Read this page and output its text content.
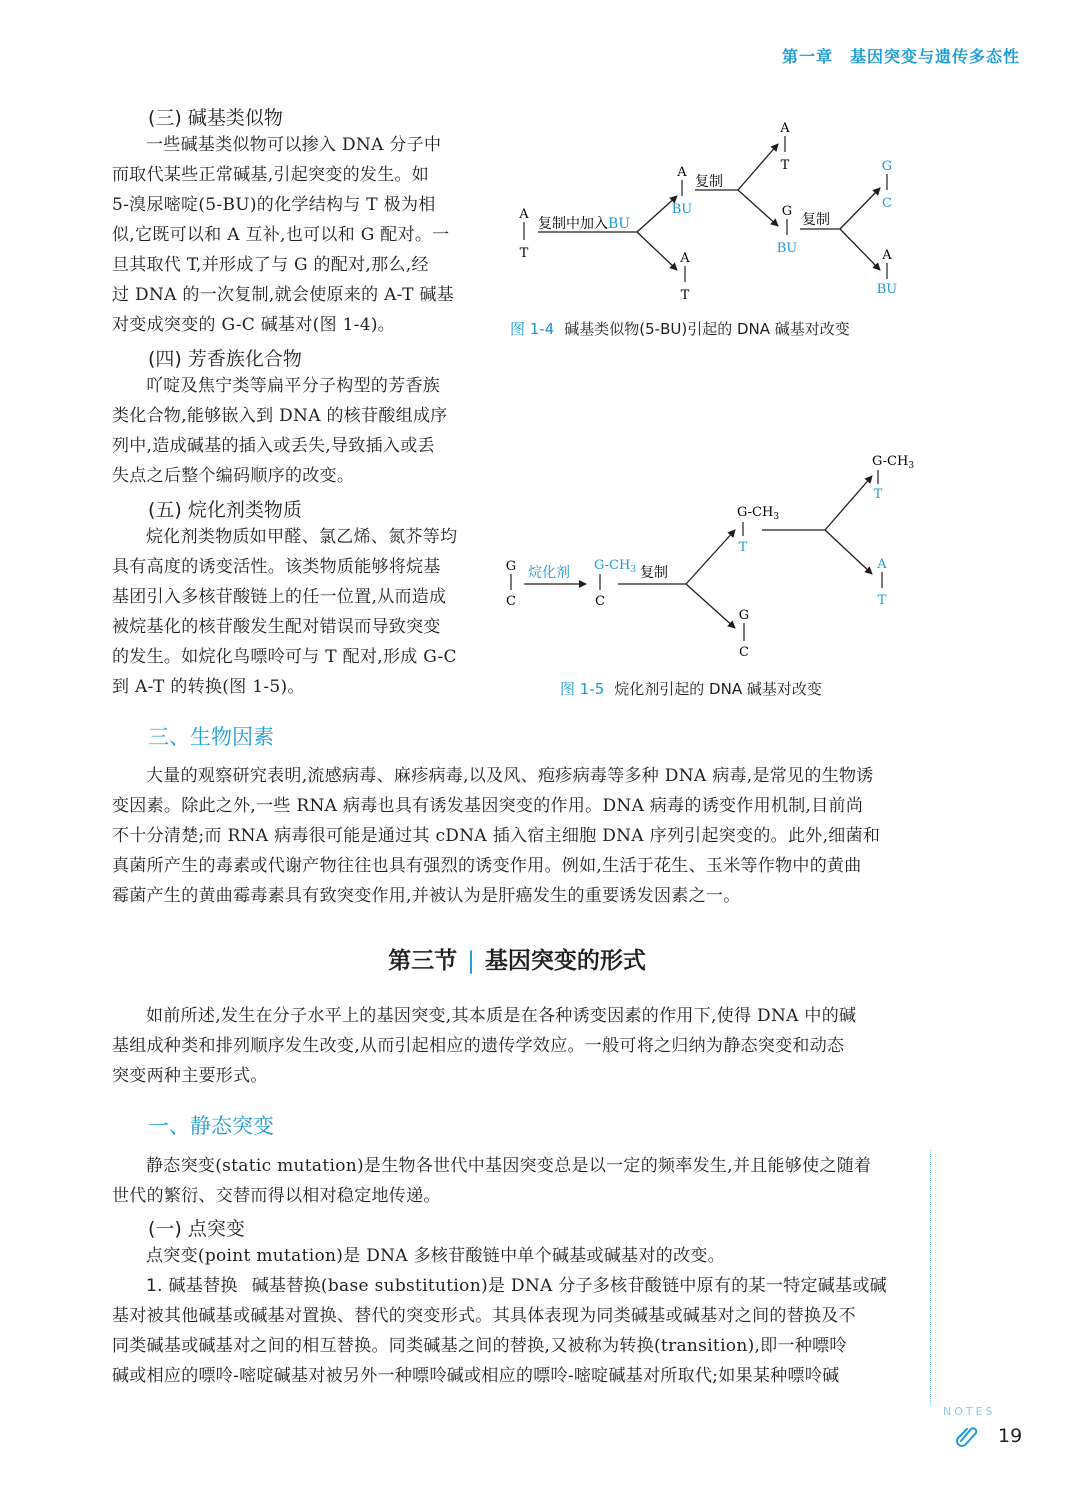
第一章　基因突变与遗传多态性
(三) 碱基类似物
一些碱基类似物可以掺入 DNA 分子中
而取代某些正常碱基,引起突变的发生。如
5-溴尿嘧啶(5-BU)的化学结构与 T 极为相
似,它既可以和 A 互补,也可以和 G 配对。一
旦其取代 T,并形成了与 G 的配对,那么,经
过 DNA 的一次复制,就会使原来的 A-T 碱基
对变成突变的 G-C 碱基对(图 1-4)。
(四) 芳香族化合物
吖啶及焦宁类等扁平分子构型的芳香族
类化合物,能够嵌入到 DNA 的核苷酸组成序
列中,造成碱基的插入或丢失,导致插入或丢
失点之后整个编码顺序的改变。
(五) 烷化剂类物质
烷化剂类物质如甲醛、氯乙烯、氮芥等均
具有高度的诱变活性。该类物质能够将烷基
基团引入多核苷酸链上的任一位置,从而造成
被烷基化的核苷酸发生配对错误而导致突变
的发生。如烷化鸟嘌呤可与 T 配对,形成 G-C
到 A-T 的转换(图 1-5)。
A
T
复制中加入BU
A
BU
A
T
复制
A
T
G
BU
复制
G
C
A
BU
图 1-4 碱基类似物(5-BU)引起的 DNA 碱基对改变
G
C
烷化剂 $G-CH_3$
C
复制
$G-CH_3$
T
G
C
$G-CH_3$
T
A
T
图 1-5 烷化剂引起的 DNA 碱基对改变
三、生物因素
大量的观察研究表明,流感病毒、麻疹病毒,以及风、疱疹病毒等多种 DNA 病毒,是常见的生物诱
变因素。除此之外,一些 RNA 病毒也具有诱发基因突变的作用。DNA 病毒的诱变作用机制,目前尚
不十分清楚;而 RNA 病毒很可能是通过其 cDNA 插入宿主细胞 DNA 序列引起突变的。此外,细菌和
真菌所产生的毒素或代谢产物往往也具有强烈的诱变作用。例如,生活于花生、玉米等作物中的黄曲
霉菌产生的黄曲霉毒素具有致突变作用,并被认为是肝癌发生的重要诱发因素之一。
第三节 | 基因突变的形式
如前所述,发生在分子水平上的基因突变,其本质是在各种诱变因素的作用下,使得 DNA 中的碱
基组成种类和排列顺序发生改变,从而引起相应的遗传学效应。一般可将之归纳为静态突变和动态
突变两种主要形式。
一、静态突变
静态突变(static mutation)是生物各世代中基因突变总是以一定的频率发生,并且能够使之随着
世代的繁衍、交替而得以相对稳定地传递。
(一) 点突变
点突变(point mutation)是 DNA 多核苷酸链中单个碱基或碱基对的改变。
1. 碱基替换 碱基替换(base substitution)是 DNA 分子多核苷酸链中原有的某一特定碱基或碱
基对被其他碱基或碱基对置换、替代的突变形式。其具体表现为同类碱基或碱基对之间的替换及不
同类碱基或碱基对之间的相互替换。同类碱基之间的替换,又被称为转换(transition),即一种嘌呤
碱或相应的嘌呤-嘧啶碱基对被另外一种嘌呤碱或相应的嘌呤-嘧啶碱基对所取代;如果某种嘌呤碱
NOTES
19
